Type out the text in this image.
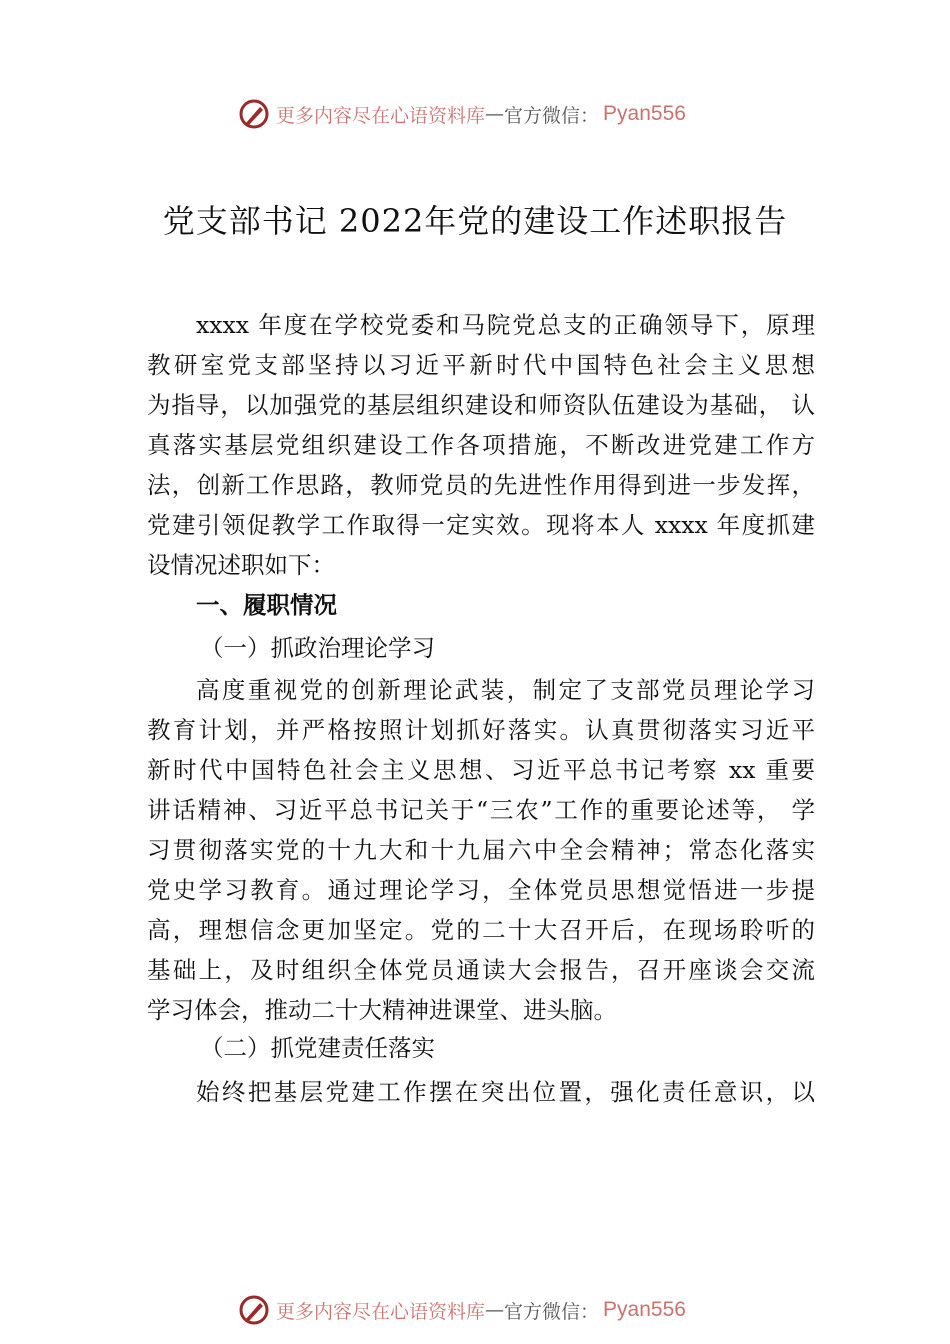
更多内容尽在心语资料库 — 官方微信： Pyan556
党支部书记 2022年党的建设工作述职报告
xxxx 年度在学校党委和马院党总支的正确领导下，原理
教研室党支部坚持以习近平新时代中国特色社会主义思想
为指导，以加强党的基层组织建设和师资队伍建设为基础， 认
真落实基层党组织建设工作各项措施，不断改进党建工作方
法，创新工作思路，教师党员的先进性作用得到进一步发挥，
党建引领促教学工作取得一定实效。现将本人 xxxx 年度抓建
设情况述职如下：
一、履职情况
（一）抓政治理论学习
高度重视党的创新理论武装，制定了支部党员理论学习
教育计划，并严格按照计划抓好落实。认真贯彻落实习近平
新时代中国特色社会主义思想、习近平总书记考察 xx 重要
讲话精神、习近平总书记关于“三农”工作的重要论述等， 学
习贯彻落实党的十九大和十九届六中全会精神；常态化落实
党史学习教育。通过理论学习，全体党员思想觉悟进一步提
高，理想信念更加坚定。党的二十大召开后，在现场聆听的
基础上，及时组织全体党员通读大会报告，召开座谈会交流
学习体会，推动二十大精神进课堂、进头脑。
（二）抓党建责任落实
始终把基层党建工作摆在突出位置，强化责任意识，以
更多内容尽在心语资料库 — 官方微信： Pyan556
